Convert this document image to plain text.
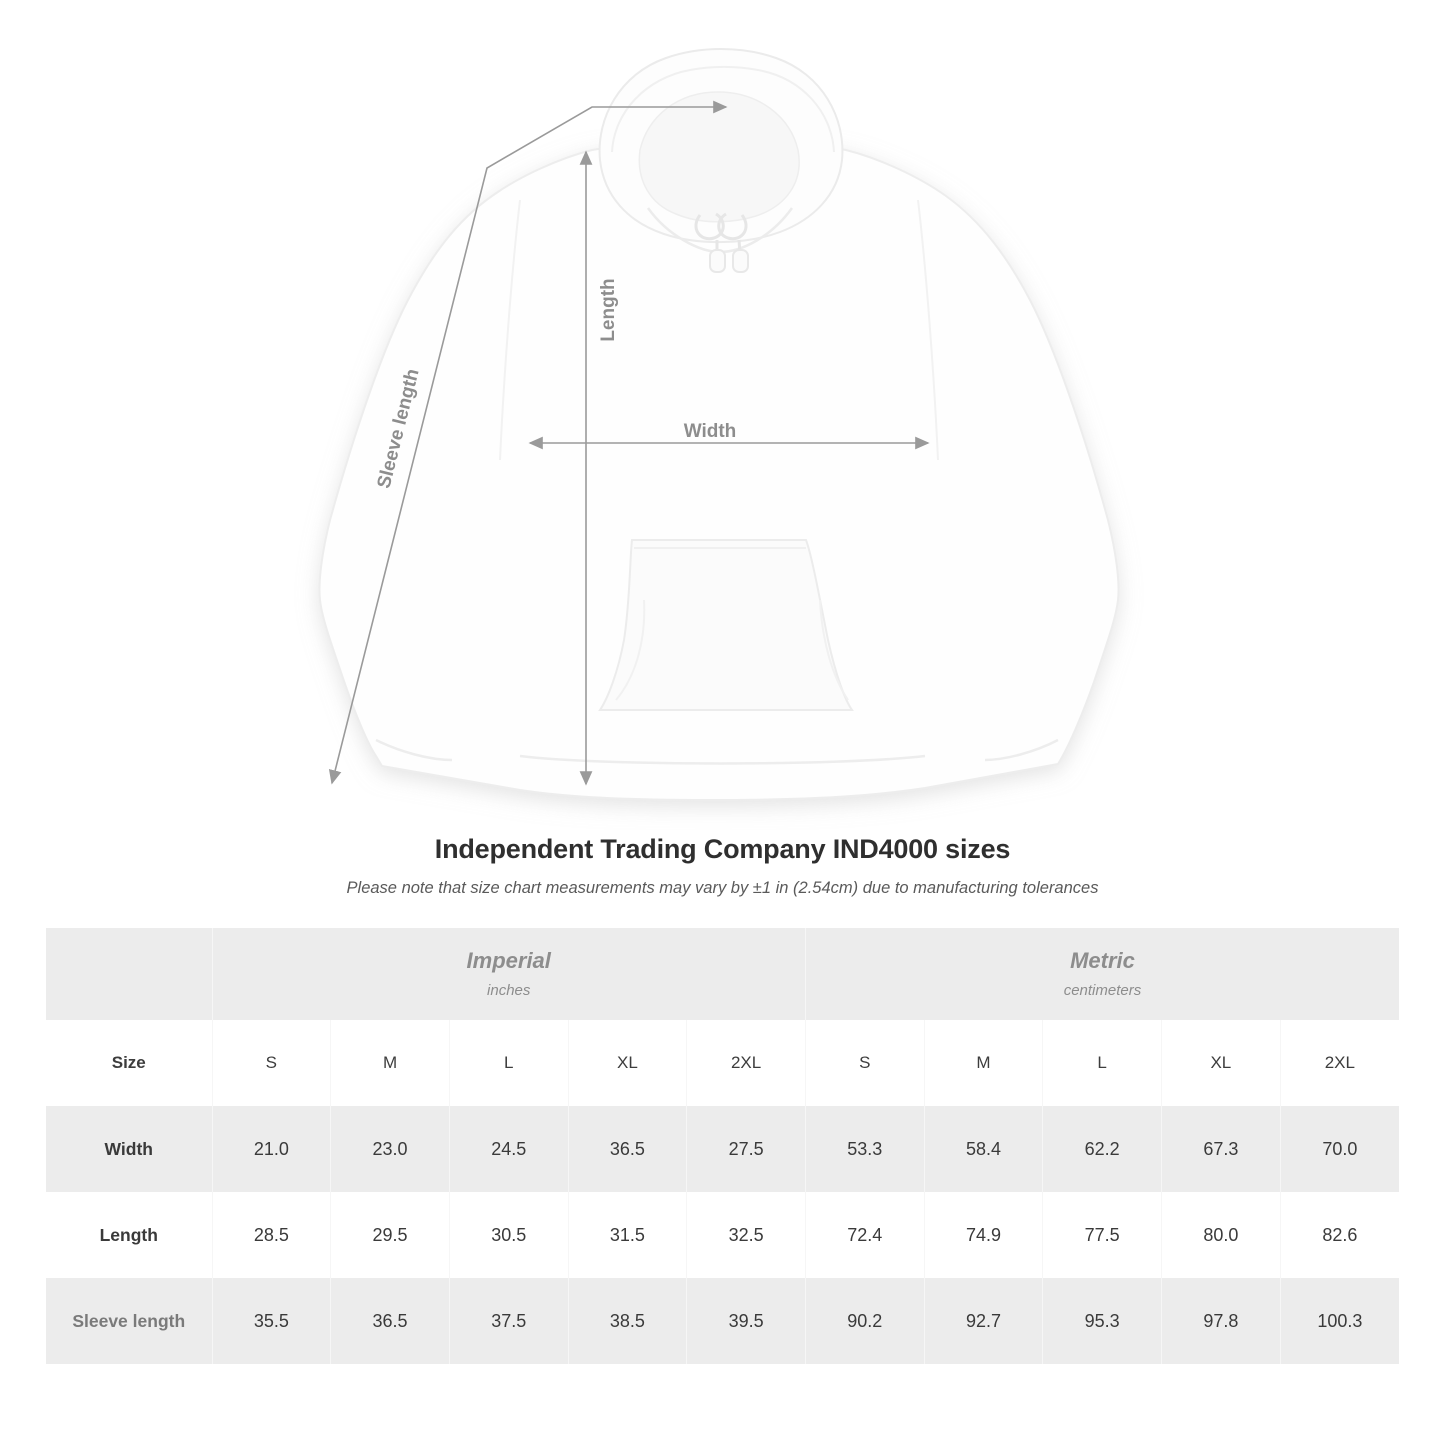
Length
Width
Sleeve length
Independent Trading Company IND4000 sizes
Please note that size chart measurements may vary by ±1 in (2.54cm) due to manufacturing tolerances

Imperial
inches

Metric
centimeters

Size	S	M	L	XL	2XL	S	M	L	XL	2XL
Width	21.0	23.0	24.5	36.5	27.5	53.3	58.4	62.2	67.3	70.0
Length	28.5	29.5	30.5	31.5	32.5	72.4	74.9	77.5	80.0	82.6
Sleeve length	35.5	36.5	37.5	38.5	39.5	90.2	92.7	95.3	97.8	100.3
